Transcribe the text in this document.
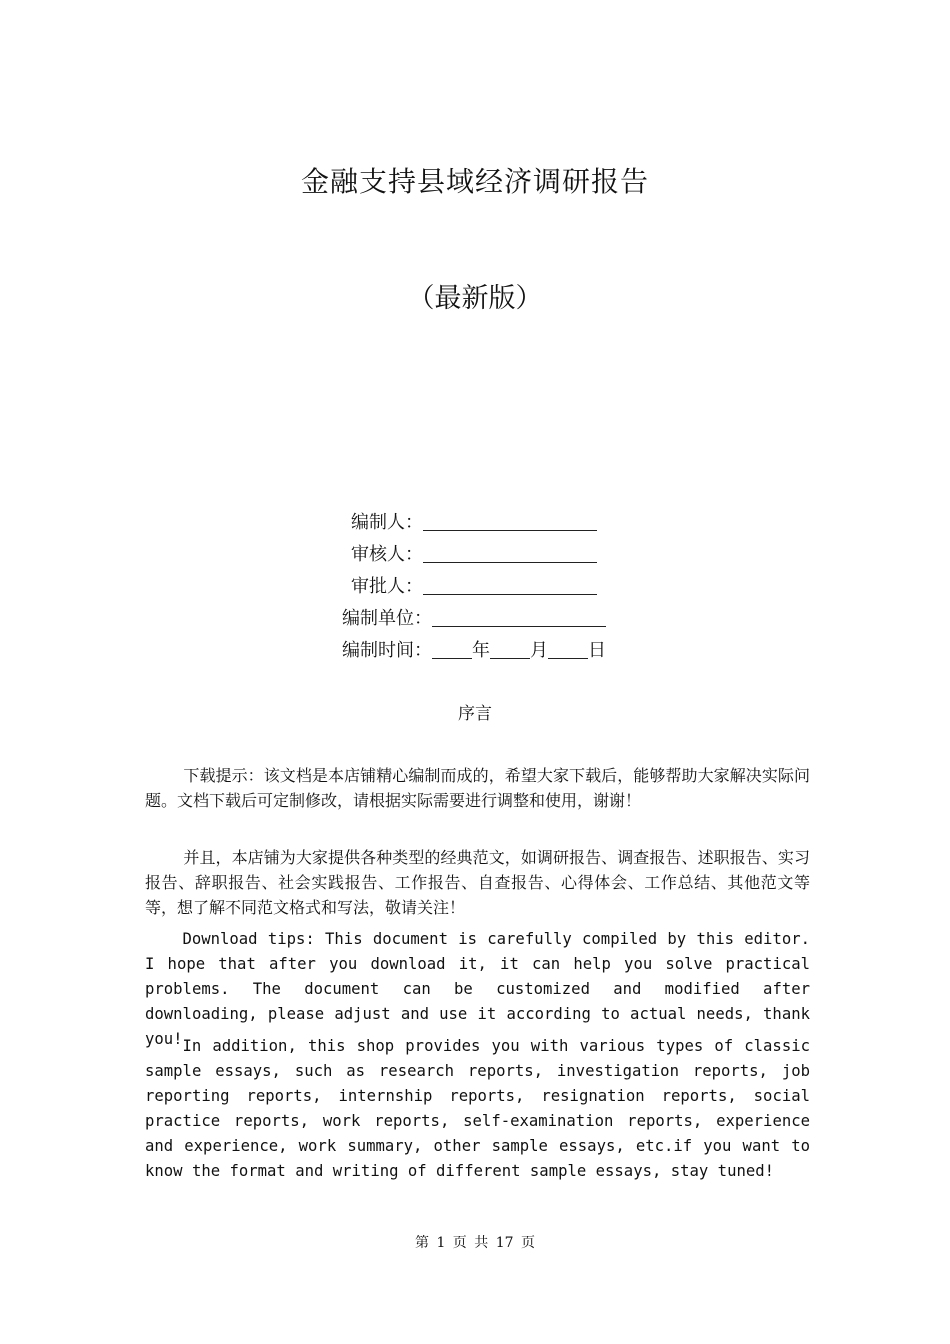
金融支持县域经济调研报告
（最新版）
编制人：
审核人：
审批人：
编制单位：
编制时间： 年 月 日
序言

下载提示：该文档是本店铺精心编制而成的，希望大家下载后，能够帮助大家解决实际问题。文档下载后可定制修改，请根据实际需要进行调整和使用，谢谢！

并且，本店铺为大家提供各种类型的经典范文，如调研报告、调查报告、述职报告、实习报告、辞职报告、社会实践报告、工作报告、自查报告、心得体会、工作总结、其他范文等等，想了解不同范文格式和写法，敬请关注！

Download tips: This document is carefully compiled by this editor. I hope that after you download it, it can help you solve practical problems. The document can be customized and modified after downloading, please adjust and use it according to actual needs, thank you! In addition, this shop provides you with various types of classic sample essays, such as research reports, investigation reports, job reporting reports, internship reports, resignation reports, social practice reports, work reports, self-examination reports, experience and experience, work summary, other sample essays, etc.if you want to know the format and writing of different sample essays, stay tuned!

第 1 页 共 17 页
